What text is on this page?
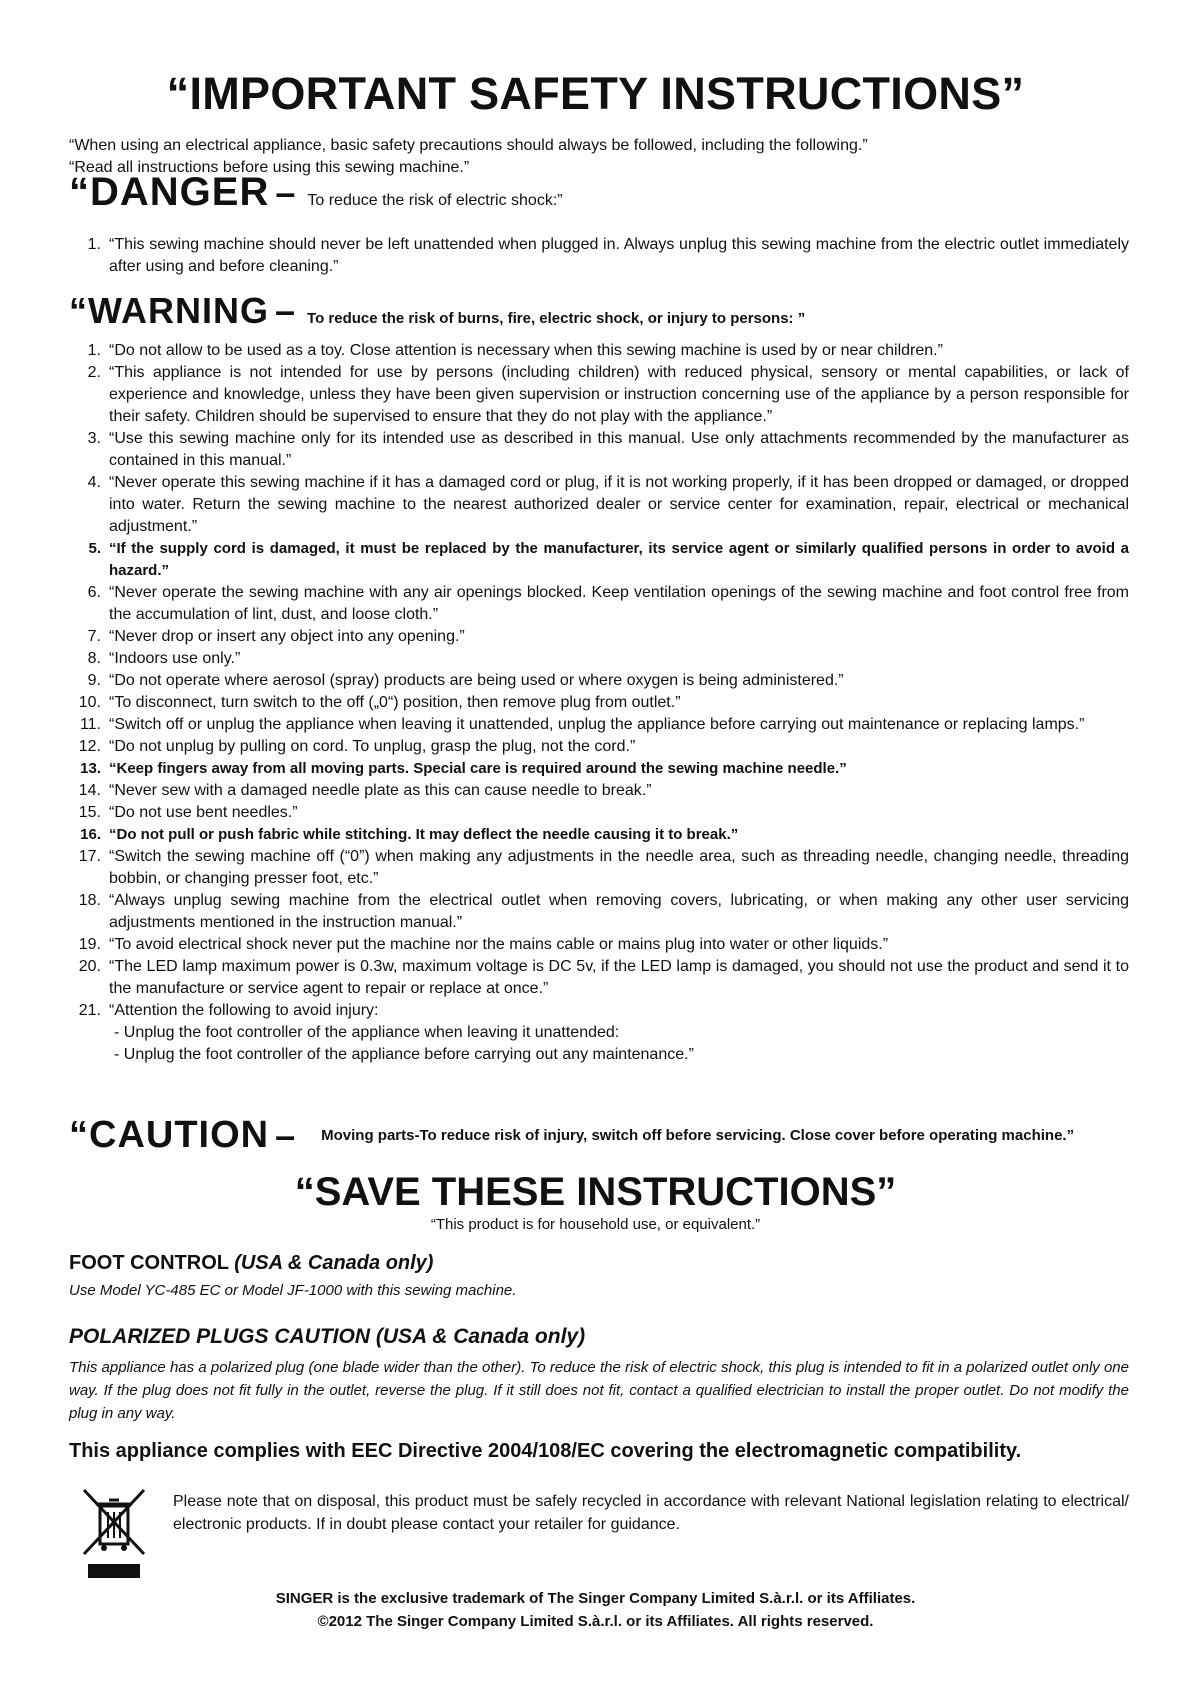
“IMPORTANT SAFETY INSTRUCTIONS”
“When using an electrical appliance, basic safety precautions should always be followed, including the following.”
“Read all instructions before using this sewing machine.”
“DANGER – To reduce the risk of electric shock:”
1. “This sewing machine should never be left unattended when plugged in. Always unplug this sewing machine from the electric outlet immediately after using and before cleaning.”
“WARNING – To reduce the risk of burns, fire, electric shock, or injury to persons: ”
1. “Do not allow to be used as a toy. Close attention is necessary when this sewing machine is used by or near children.”
2. “This appliance is not intended for use by persons (including children) with reduced physical, sensory or mental capabilities, or lack of experience and knowledge, unless they have been given supervision or instruction concerning use of the appliance by a person responsible for their safety. Children should be supervised to ensure that they do not play with the appliance.”
3. “Use this sewing machine only for its intended use as described in this manual. Use only attachments recommended by the manufacturer as contained in this manual.”
4. “Never operate this sewing machine if it has a damaged cord or plug, if it is not working properly, if it has been dropped or damaged, or dropped into water. Return the sewing machine to the nearest authorized dealer or service center for examination, repair, electrical or mechanical adjustment.”
5. “If the supply cord is damaged, it must be replaced by the manufacturer, its service agent or similarly qualified persons in order to avoid a hazard.”
6. “Never operate the sewing machine with any air openings blocked. Keep ventilation openings of the sewing machine and foot control free from the accumulation of lint, dust, and loose cloth.”
7. “Never drop or insert any object into any opening.”
8. “Indoors use only.”
9. “Do not operate where aerosol (spray) products are being used or where oxygen is being administered.”
10. “To disconnect, turn switch to the off („0“) position, then remove plug from outlet.”
11. “Switch off or unplug the appliance when leaving it unattended, unplug the appliance before carrying out maintenance or replacing lamps.”
12. “Do not unplug by pulling on cord. To unplug, grasp the plug, not the cord.”
13. “Keep fingers away from all moving parts. Special care is required around the sewing machine needle.”
14. “Never sew with a damaged needle plate as this can cause needle to break.”
15. “Do not use bent needles.”
16. “Do not pull or push fabric while stitching. It may deflect the needle causing it to break.”
17. “Switch the sewing machine off (“0”) when making any adjustments in the needle area, such as threading needle, changing needle, threading bobbin, or changing presser foot, etc.”
18. “Always unplug sewing machine from the electrical outlet when removing covers, lubricating, or when making any other user servicing adjustments mentioned in the instruction manual.”
19. “To avoid electrical shock never put the machine nor the mains cable or mains plug into water or other liquids.”
20. “The LED lamp maximum power is 0.3w, maximum voltage is DC 5v, if the LED lamp is damaged, you should not use the product and send it to the manufacture or service agent to repair or replace at once.”
21. “Attention the following to avoid injury:
- Unplug the foot controller of the appliance when leaving it unattended:
- Unplug the foot controller of the appliance before carrying out any maintenance.”
“CAUTION – Moving parts-To reduce risk of injury, switch off before servicing. Close cover before operating machine.”
“SAVE THESE INSTRUCTIONS”
“This product is for household use, or equivalent.”
FOOT CONTROL (USA & Canada only)
Use Model YC-485 EC or Model JF-1000 with this sewing machine.
POLARIZED PLUGS CAUTION (USA & Canada only)
This appliance has a polarized plug (one blade wider than the other). To reduce the risk of electric shock, this plug is intended to fit in a polarized outlet only one way. If the plug does not fit fully in the outlet, reverse the plug. If it still does not fit, contact a qualified electrician to install the proper outlet. Do not modify the plug in any way.
This appliance complies with EEC Directive 2004/108/EC covering the electromagnetic compatibility.
Please note that on disposal, this product must be safely recycled in accordance with relevant National legislation relating to electrical/ electronic products. If in doubt please contact your retailer for guidance.
SINGER is the exclusive trademark of The Singer Company Limited S.à.r.l. or its Affiliates.
©2012 The Singer Company Limited S.à.r.l. or its Affiliates. All rights reserved.
